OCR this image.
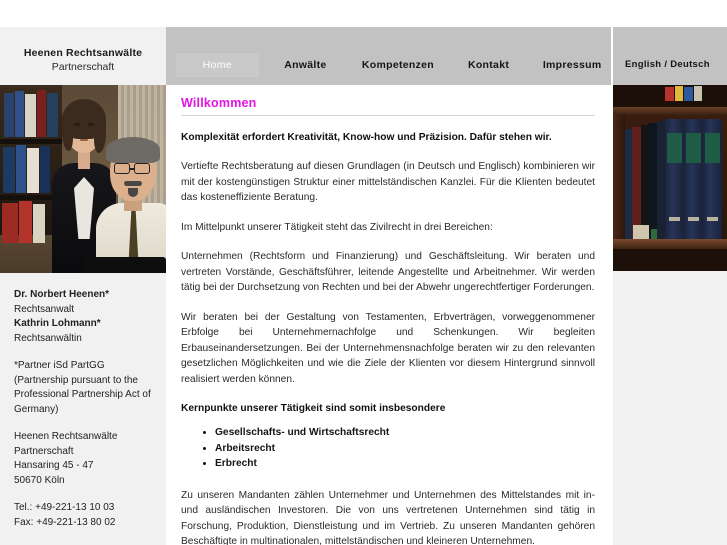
Heenen Rechtsanwälte
Partnerschaft	Home	Anwälte	Kompetenzen	Kontakt	Impressum	English / Deutsch
Dr. Norbert Heenen*
Rechtsanwalt
Kathrin Lohmann*
Rechtsanwältin
*Partner iSd PartGG
(Partnership pursuant to the
Professional Partnership Act of
Germany)
Heenen Rechtsanwälte
Partnerschaft
Hansaring 45 - 47
50670 Köln
Tel.: +49-221-13 10 03
Fax: +49-221-13 80 02
Willkommen

Komplexität erfordert Kreativität, Know-how und Präzision. Dafür stehen wir.

Vertiefte Rechtsberatung auf diesen Grundlagen (in Deutsch und Englisch) kombinieren wir mit der kostengünstigen Struktur einer mittelständischen Kanzlei. Für die Klienten bedeutet das kosteneffiziente Beratung.

Im Mittelpunkt unserer Tätigkeit steht das Zivilrecht in drei Bereichen:

Unternehmen (Rechtsform und Finanzierung) und Geschäftsleitung. Wir beraten und vertreten Vorstände, Geschäftsführer, leitende Angestellte und Arbeitnehmer. Wir werden tätig bei der Durchsetzung von Rechten und bei der Abwehr ungerechtfertiger Forderungen.

Wir beraten bei der Gestaltung von Testamenten, Erbverträgen, vorweggenommener Erbfolge bei Unternehmernachfolge und Schenkungen. Wir begleiten Erbauseinandersetzungen. Bei der Unternehmensnachfolge beraten wir zu den relevanten gesetzlichen Möglichkeiten und wie die Ziele der Klienten vor diesem Hintergrund sinnvoll realisiert werden können.

Kernpunkte unserer Tätigkeit sind somit insbesondere

• Gesellschafts- und Wirtschaftsrecht
• Arbeitsrecht
• Erbrecht

Zu unseren Mandanten zählen Unternehmer und Unternehmen des Mittelstandes mit in- und ausländischen Investoren. Die von uns vertretenen Unternehmen sind tätig in Forschung, Produktion, Dienstleistung und im Vertrieb. Zu unseren Mandanten gehören Beschäftigte in multinationalen, mittelständischen und kleineren Unternehmen.
